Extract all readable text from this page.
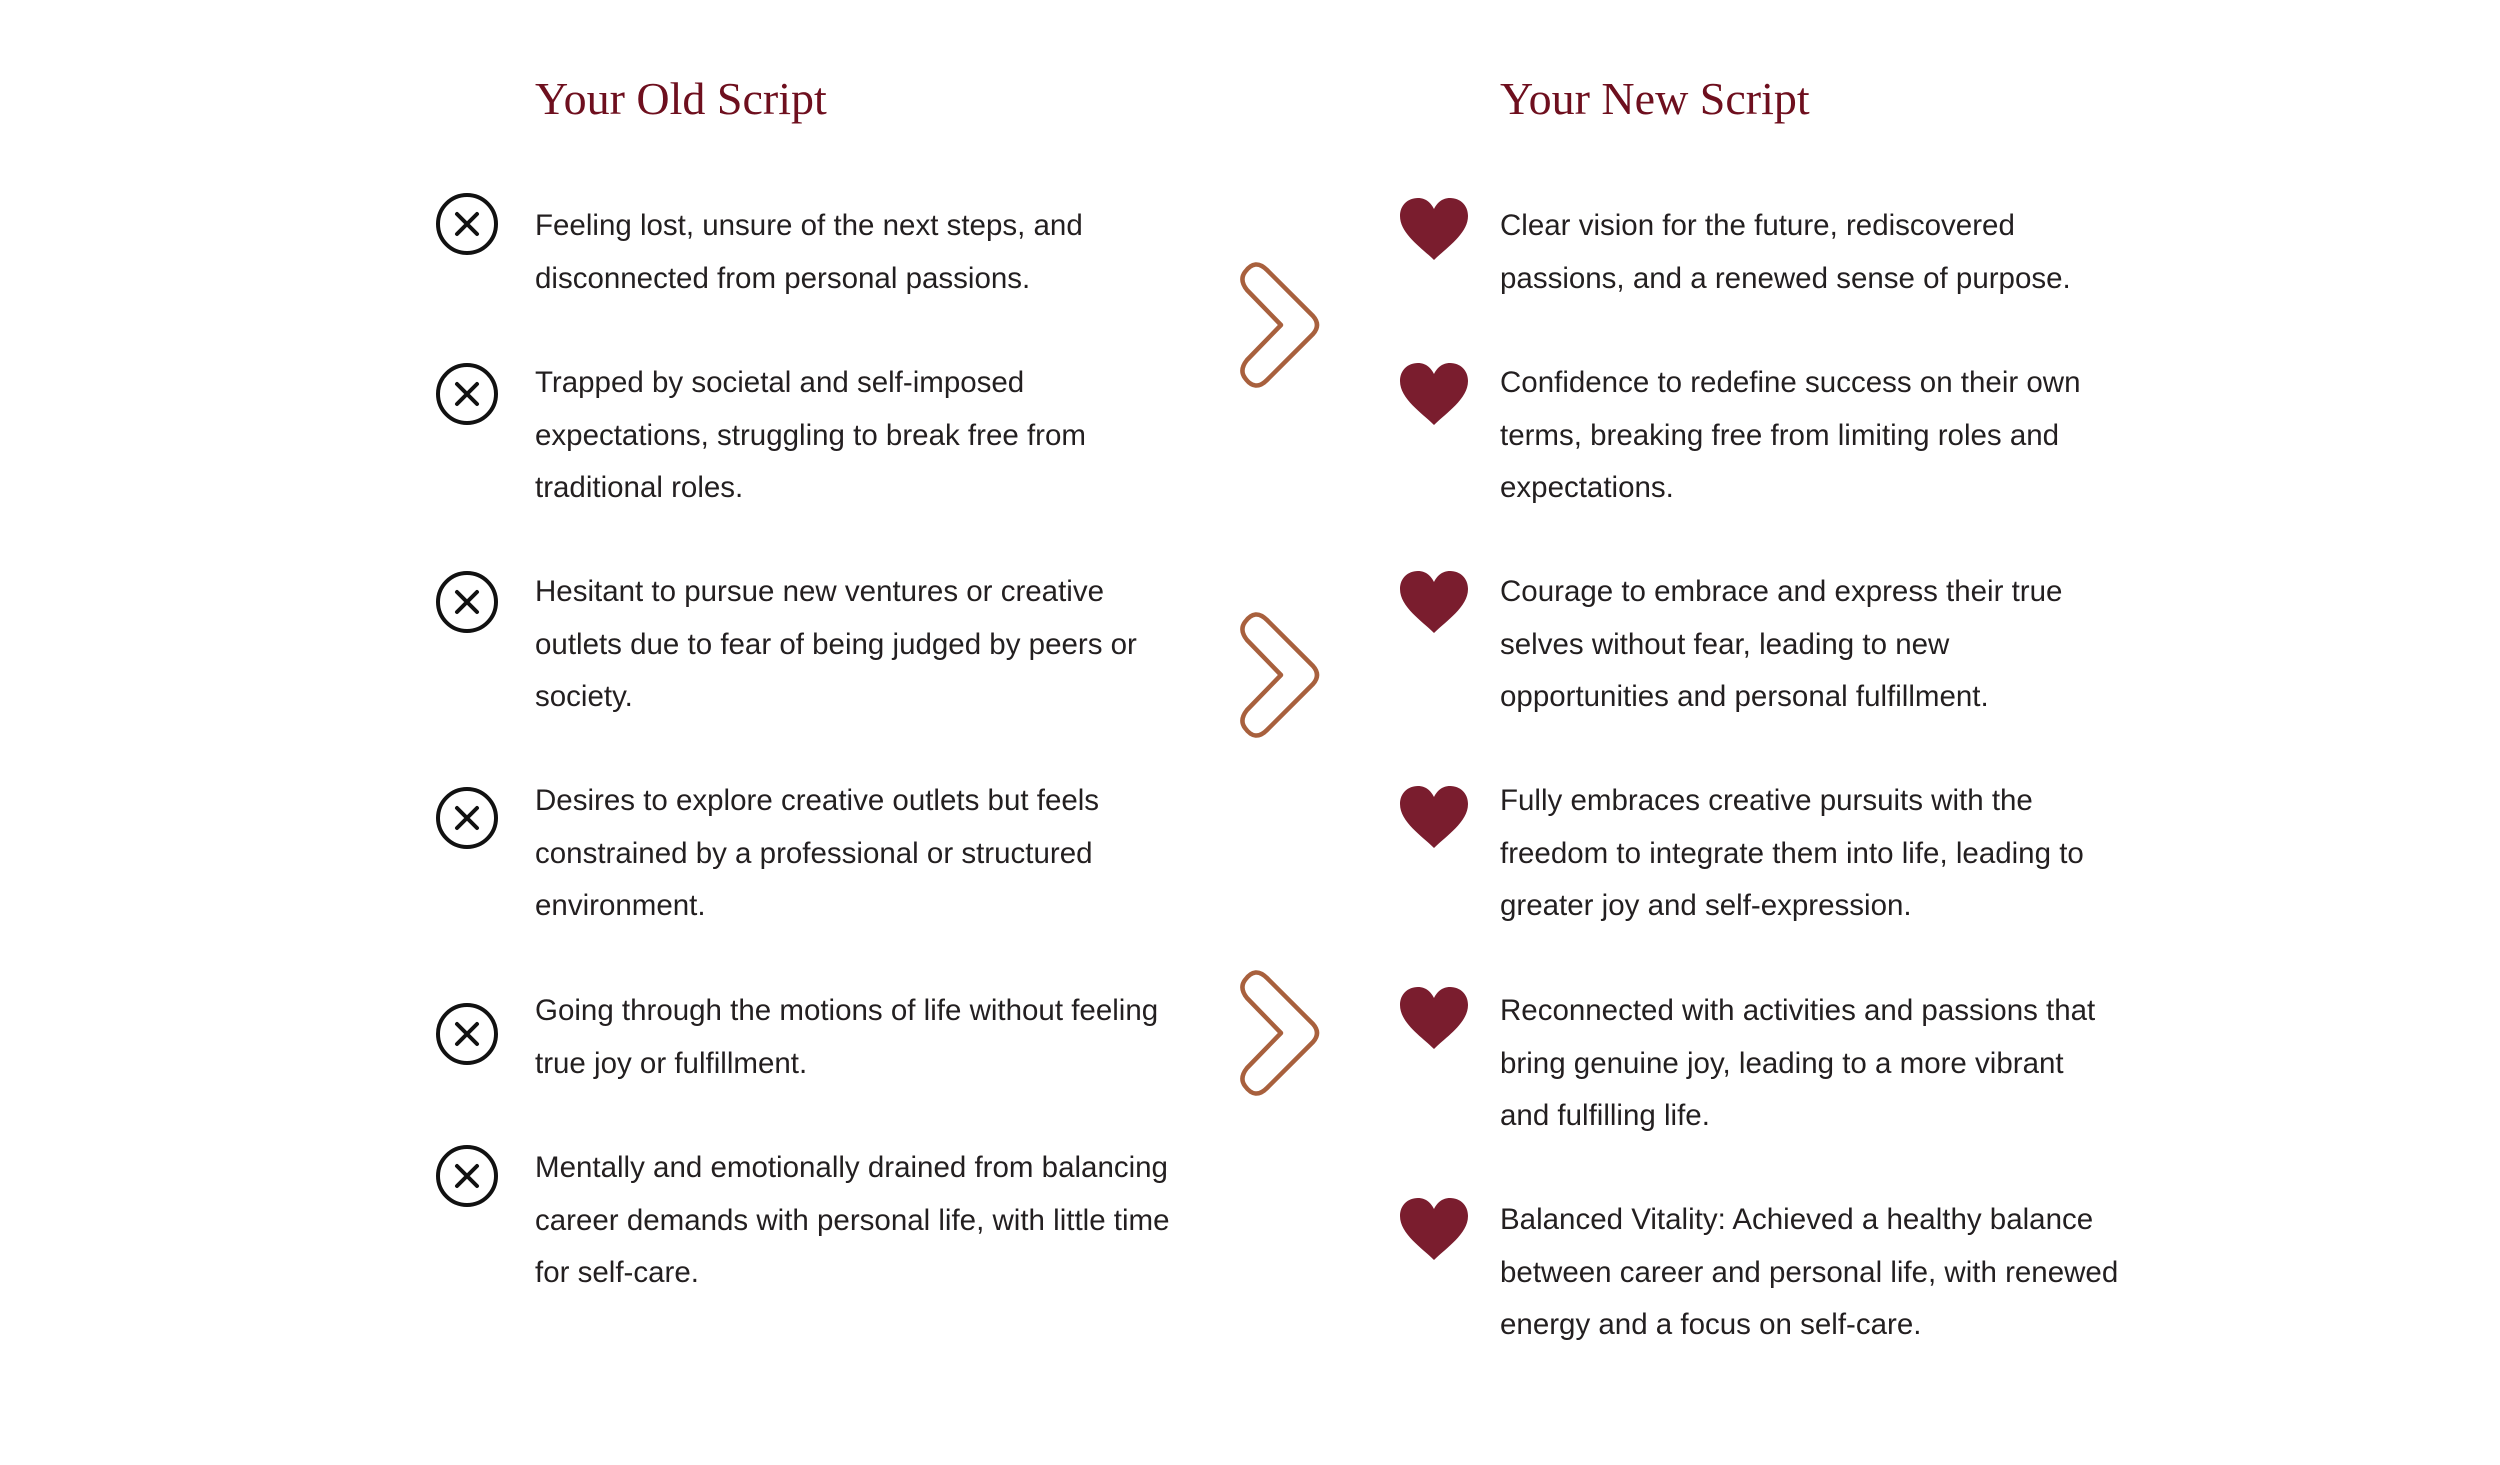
Your Old Script	Your New Script

Feeling lost, unsure of the next steps, and
disconnected from personal passions.

Trapped by societal and self-imposed
expectations, struggling to break free from
traditional roles.

Hesitant to pursue new ventures or creative
outlets due to fear of being judged by peers or
society.

Desires to explore creative outlets but feels
constrained by a professional or structured
environment.

Going through the motions of life without feeling
true joy or fulfillment.

Mentally and emotionally drained from balancing
career demands with personal life, with little time
for self-care.

Clear vision for the future, rediscovered
passions, and a renewed sense of purpose.

Confidence to redefine success on their own
terms, breaking free from limiting roles and
expectations.

Courage to embrace and express their true
selves without fear, leading to new
opportunities and personal fulfillment.

Fully embraces creative pursuits with the
freedom to integrate them into life, leading to
greater joy and self-expression.

Reconnected with activities and passions that
bring genuine joy, leading to a more vibrant
and fulfilling life.

Balanced Vitality: Achieved a healthy balance
between career and personal life, with renewed
energy and a focus on self-care.
